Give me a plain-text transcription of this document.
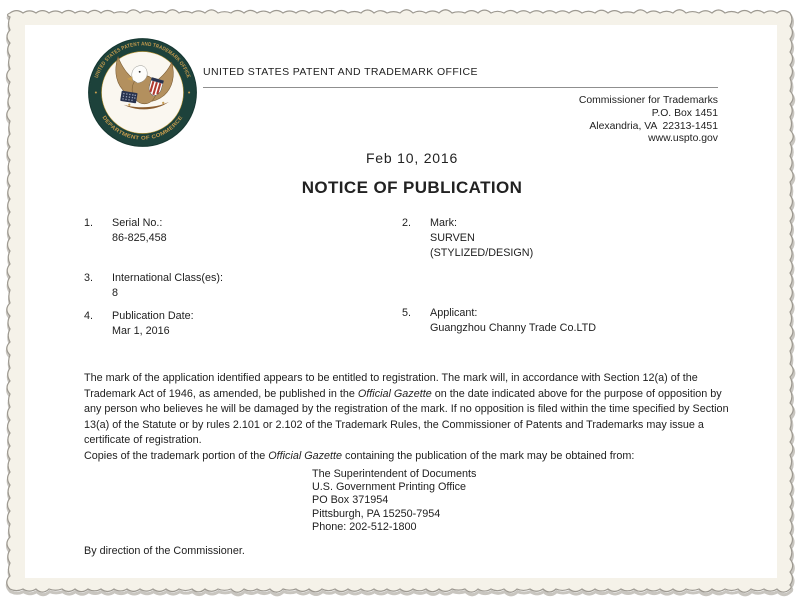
UNITED STATES PATENT AND TRADEMARK OFFICE
DEPARTMENT OF COMMERCE
UNITED STATES PATENT AND TRADEMARK OFFICE
Commissioner for Trademarks
P.O. Box 1451
Alexandria, VA  22313-1451
www.uspto.gov
Feb 10, 2016
NOTICE OF PUBLICATION
1.	Serial No.:
86-825,458
2.	Mark:
SURVEN
(STYLIZED/DESIGN)
3.	International Class(es):
8
4.	Publication Date:
Mar 1, 2016
5.	Applicant:
Guangzhou Channy Trade Co.LTD
The mark of the application identified appears to be entitled to registration. The mark will, in accordance with Section 12(a) of the Trademark Act of 1946, as amended, be published in the Official Gazette on the date indicated above for the purpose of opposition by any person who believes he will be damaged by the registration of the mark. If no opposition is filed within the time specified by Section 13(a) of the Statute or by rules 2.101 or 2.102 of the Trademark Rules, the Commissioner of Patents and Trademarks may issue a certificate of registration.
Copies of the trademark portion of the Official Gazette containing the publication of the mark may be obtained from:
The Superintendent of Documents
U.S. Government Printing Office
PO Box 371954
Pittsburgh, PA 15250-7954
Phone: 202-512-1800
By direction of the Commissioner.
